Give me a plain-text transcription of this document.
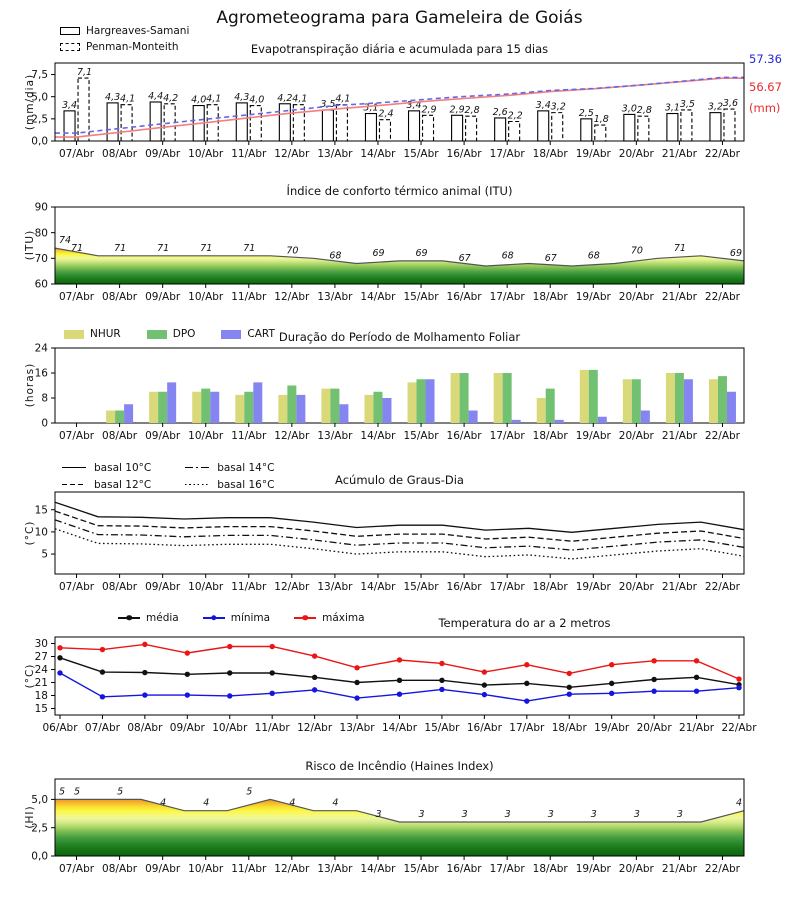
Agrometeograma para Gameleira de Goiás
Evapotranspiração diária e acumulada para 15 dias
Hargreaves-Samani
Penman-Monteith
(mm/dia)	3,4
7,1
4,3 4,1 4,4 4,2 4,0 4,1 4,3 4,0 4,2 4,1 3,5 4,1
3,1
2,4
3,4 2,9 2,9 2,8 2,6 2,2
3,4 3,2
2,5
1,8
3,0 2,8 3,1 3,5 3,2 3,6
0,0
2,5
5,0
7,5
07/Abr 08/Abr 09/Abr 10/Abr 11/Abr 12/Abr 13/Abr 14/Abr 15/Abr 16/Abr 17/Abr 18/Abr 19/Abr 20/Abr 21/Abr 22/Abr
57.36
56.67
(mm)
Índice de conforto térmico animal (ITU)
(ITU)
60
70
80
90
07/Abr 08/Abr 09/Abr 10/Abr 11/Abr 12/Abr 13/Abr 14/Abr 15/Abr 16/Abr 17/Abr 18/Abr 19/Abr 20/Abr 21/Abr 22/Abr
74
71	71	71	71	71	70	68	69	69	67	68	67	68	70	71	69
Duração do Período de Molhamento Foliar
NHUR	DPO	CART
(horas)
0
8
16
24
07/Abr 08/Abr 09/Abr 10/Abr 11/Abr 12/Abr 13/Abr 14/Abr 15/Abr 16/Abr 17/Abr 18/Abr 19/Abr 20/Abr 21/Abr 22/Abr
Acúmulo de Graus-Dia
basal 10°C
basal 12°C
basal 14°C
basal 16°C
(°C)
5
10
15
07/Abr 08/Abr 09/Abr 10/Abr 11/Abr 12/Abr 13/Abr 14/Abr 15/Abr 16/Abr 17/Abr 18/Abr 19/Abr 20/Abr 21/Abr 22/Abr
Temperatura do ar a 2 metros
média	mínima	máxima
(°C)
15
18
21
24
27
30
06/Abr 07/Abr 08/Abr 09/Abr 10/Abr 11/Abr 12/Abr 13/Abr 14/Abr 15/Abr 16/Abr 17/Abr 18/Abr 19/Abr 20/Abr 21/Abr 22/Abr
Risco de Incêndio (Haines Index)
(HI)
0,0
2,5
5,0
07/Abr 08/Abr 09/Abr 10/Abr 11/Abr 12/Abr 13/Abr 14/Abr 15/Abr 16/Abr 17/Abr 18/Abr 19/Abr 20/Abr 21/Abr 22/Abr
5 5	5
4	4
5
4	4
3	3	3	3	3	3	3	3
4
